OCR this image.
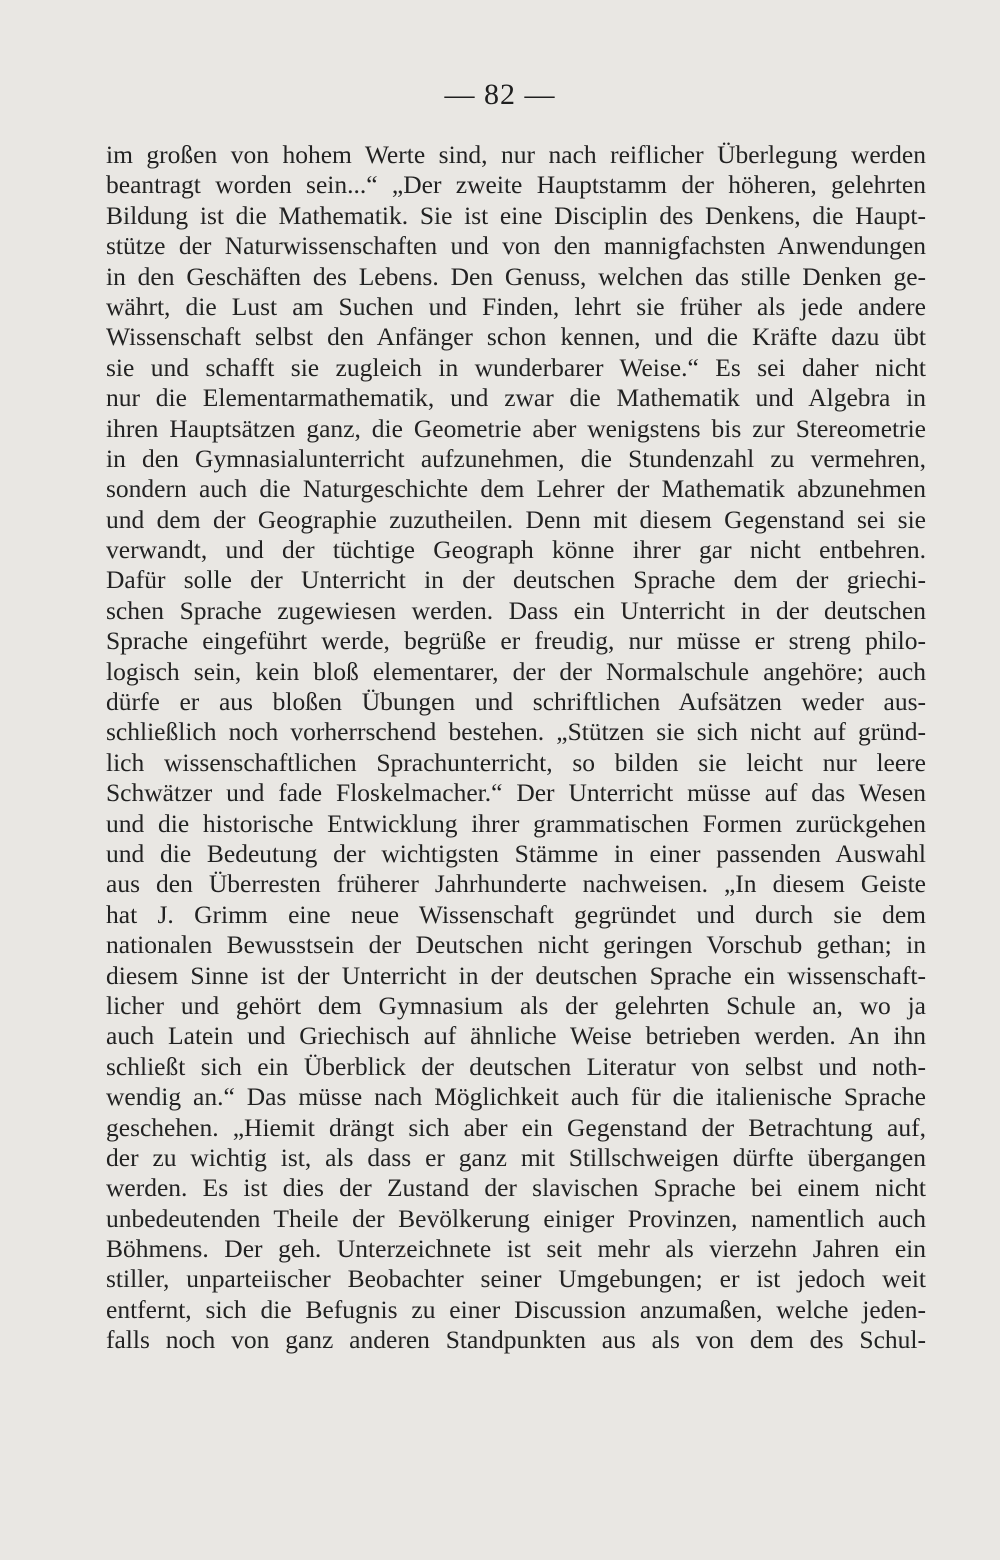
— 82 —
im großen von hohem Werte sind, nur nach reiflicher Überlegung werden
beantragt worden sein...“ „Der zweite Hauptstamm der höheren, gelehrten
Bildung ist die Mathematik. Sie ist eine Disciplin des Denkens, die Haupt-
stütze der Naturwissenschaften und von den mannigfachsten Anwendungen
in den Geschäften des Lebens. Den Genuss, welchen das stille Denken ge-
währt, die Lust am Suchen und Finden, lehrt sie früher als jede andere
Wissenschaft selbst den Anfänger schon kennen, und die Kräfte dazu übt
sie und schafft sie zugleich in wunderbarer Weise.“ Es sei daher nicht
nur die Elementarmathematik, und zwar die Mathematik und Algebra in
ihren Hauptsätzen ganz, die Geometrie aber wenigstens bis zur Stereometrie
in den Gymnasialunterricht aufzunehmen, die Stundenzahl zu vermehren,
sondern auch die Naturgeschichte dem Lehrer der Mathematik abzunehmen
und dem der Geographie zuzutheilen. Denn mit diesem Gegenstand sei sie
verwandt, und der tüchtige Geograph könne ihrer gar nicht entbehren.
Dafür solle der Unterricht in der deutschen Sprache dem der griechi-
schen Sprache zugewiesen werden. Dass ein Unterricht in der deutschen
Sprache eingeführt werde, begrüße er freudig, nur müsse er streng philo-
logisch sein, kein bloß elementarer, der der Normalschule angehöre; auch
dürfe er aus bloßen Übungen und schriftlichen Aufsätzen weder aus-
schließlich noch vorherrschend bestehen. „Stützen sie sich nicht auf gründ-
lich wissenschaftlichen Sprachunterricht, so bilden sie leicht nur leere
Schwätzer und fade Floskelmacher.“ Der Unterricht müsse auf das Wesen
und die historische Entwicklung ihrer grammatischen Formen zurückgehen
und die Bedeutung der wichtigsten Stämme in einer passenden Auswahl
aus den Überresten früherer Jahrhunderte nachweisen. „In diesem Geiste
hat J. Grimm eine neue Wissenschaft gegründet und durch sie dem
nationalen Bewusstsein der Deutschen nicht geringen Vorschub gethan; in
diesem Sinne ist der Unterricht in der deutschen Sprache ein wissenschaft-
licher und gehört dem Gymnasium als der gelehrten Schule an, wo ja
auch Latein und Griechisch auf ähnliche Weise betrieben werden. An ihn
schließt sich ein Überblick der deutschen Literatur von selbst und noth-
wendig an.“ Das müsse nach Möglichkeit auch für die italienische Sprache
geschehen. „Hiemit drängt sich aber ein Gegenstand der Betrachtung auf,
der zu wichtig ist, als dass er ganz mit Stillschweigen dürfte übergangen
werden. Es ist dies der Zustand der slavischen Sprache bei einem nicht
unbedeutenden Theile der Bevölkerung einiger Provinzen, namentlich auch
Böhmens. Der geh. Unterzeichnete ist seit mehr als vierzehn Jahren ein
stiller, unparteiischer Beobachter seiner Umgebungen; er ist jedoch weit
entfernt, sich die Befugnis zu einer Discussion anzumaßen, welche jeden-
falls noch von ganz anderen Standpunkten aus als von dem des Schul-
